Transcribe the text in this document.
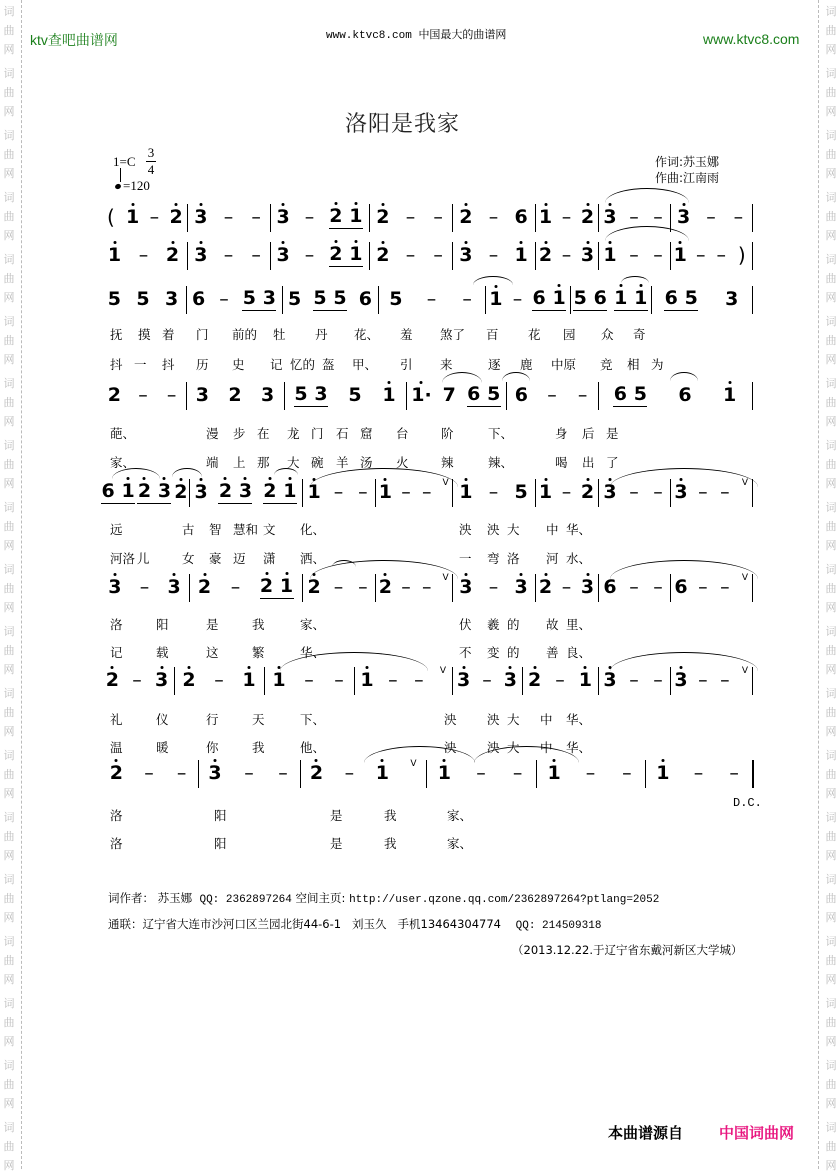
词
曲
网
词
曲
网
词
曲
网
词
曲
网
词
曲
网
词
曲
网
词
曲
网
词
曲
网
词
曲
网
词
曲
网
词
曲
网
词
曲
网
词
曲
网
词
曲
网
词
曲
网
词
曲
网
词
曲
网
词
曲
网
词
曲
网
词
曲
网
词
曲
网
词
曲
网
词
曲
网
词
曲
网
词
曲
网
词
曲
网
词
曲
网
词
曲
网
词
曲
网
词
曲
网
词
曲
网
词
曲
网
词
曲
网
词
曲
网
词
曲
网
词
曲
网
词
曲
网
词
曲
网
ktv查吧曲谱网	www.ktvc8.com 中国最大的曲谱网	www.ktvc8.com
洛阳是我家
1=C
3
4
=120
作词:苏玉娜
作曲:江南雨
( 1 – 2 3 – – 3 – 2 1 2 – – 2 – 6 1 – 2 3 – – 3 – –
1 – 2 3 – – 3 – 2 1 2 – – 3 – 1 2 – 3 1 – – 1 – – )
5 5 3 6 – 5 3 5 5 5 6 5 – – 1 – 6 1 5 6 1 1 6 5 3
2 – – 3 2 3 5 3 5 1 1· 7 6 5 6 – – 6 5 6 1
6 1 2 3 2 3 2 3 2 1 1 – – 1 – – V 1 – 5 1 – 2 3 – – 3 – – V
3 – 3 2 – 2 1 2 – – 2 – – V 3 – 3 2 – 3 6 – – 6 – – V
2 – 3 2 – 1 1 – – 1 – – V 3 – 3 2 – 1 3 – – 3 – – V
2 – – 3 – – 2 – 1 V 1 – – 1 – – 1 – –
D.C.
抚 摸 着 门 前的 牡 丹 花、 羞 煞了 百 花 园 众 奇
抖 一 抖 历 史 记 忆的 盔 甲、 引 来	逐 鹿 中原 竞 相 为
葩、	漫 步 在 龙 门 石 窟 台	阶	下、	身 后 是
家、	端 上 那 大 碗 羊 汤 火	辣	辣、	喝 出 了
远	古 智 慧和 文 化、	泱 泱 大 中 华、
河洛 儿	女 豪 迈 潇 洒、	一 弯 洛 河 水、
洛	阳	是	我	家、	伏 羲 的 故 里、
记	载	这	繁	华、	不 变 的 善 良、
礼	仪	行	天	下、	泱 泱 大 中 华、
温	暖	你	我	他、	泱 泱 大 中 华、
洛	阳	是	我	家、
洛	阳	是	我	家、
词作者： 苏玉娜 QQ: 2362897264 空间主页: http://user.qzone.qq.com/2362897264?ptlang=2052
通联：辽宁省大连市沙河口区兰园北街44-6-1 刘玉久 手机13464304774 QQ: 214509318
（2013.12.22.于辽宁省东戴河新区大学城）
本曲谱源自 中国词曲网
